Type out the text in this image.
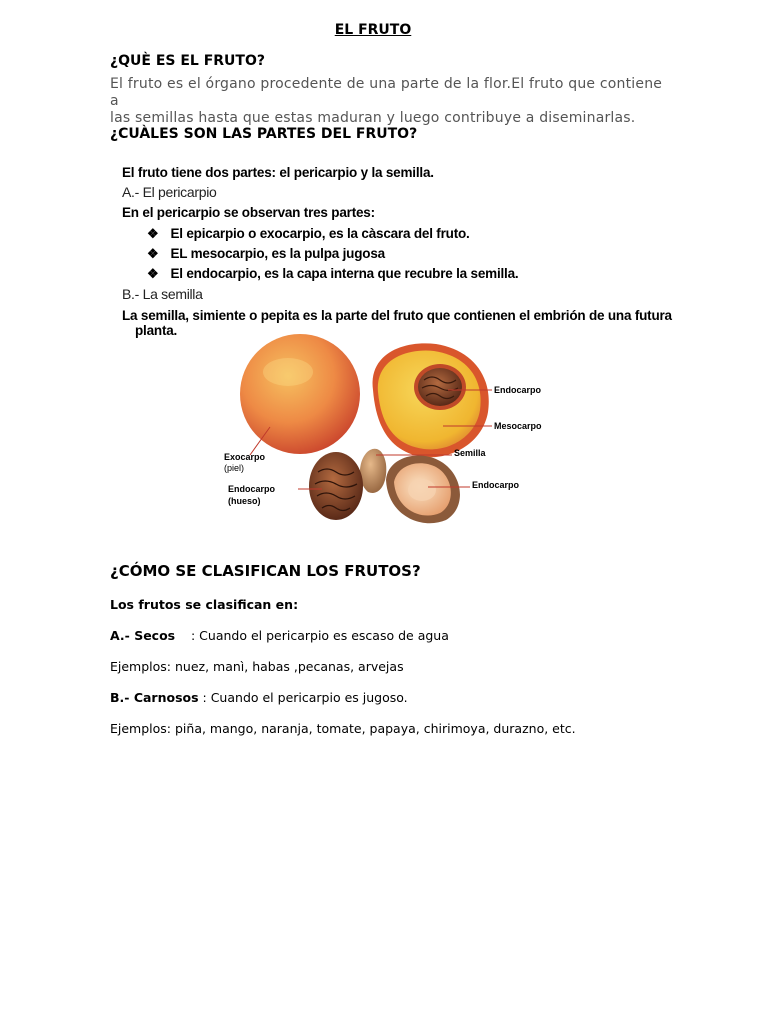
EL FRUTO
¿QUÈ ES EL FRUTO?
El fruto es el órgano procedente de una parte de la flor.El fruto que contiene a
las semillas hasta que estas maduran y luego contribuye a diseminarlas.
¿CUÀLES SON LAS PARTES DEL FRUTO?
El fruto tiene dos partes: el pericarpio y la semilla.
A.- El pericarpio
En el pericarpio se observan tres partes:
❖ El epicarpio o exocarpio, es la càscara del fruto.
❖ EL mesocarpio, es la pulpa jugosa
❖ El endocarpio, es la capa interna que recubre la semilla.
B.- La semilla
La semilla, simiente o pepita es la parte del fruto que contienen el embrión de una futura
planta.
Endocarpo
Mesocarpo
Semilla
Exocarpo
(piel)
Endocarpo
(hueso)
Endocarpo
¿CÓMO SE CLASIFICAN LOS FRUTOS?
Los frutos se clasifican en:
A.- Secos : Cuando el pericarpio es escaso de agua
Ejemplos: nuez, manì, habas ,pecanas, arvejas
B.- Carnosos : Cuando el pericarpio es jugoso.
Ejemplos: piña, mango, naranja, tomate, papaya, chirimoya, durazno, etc.
